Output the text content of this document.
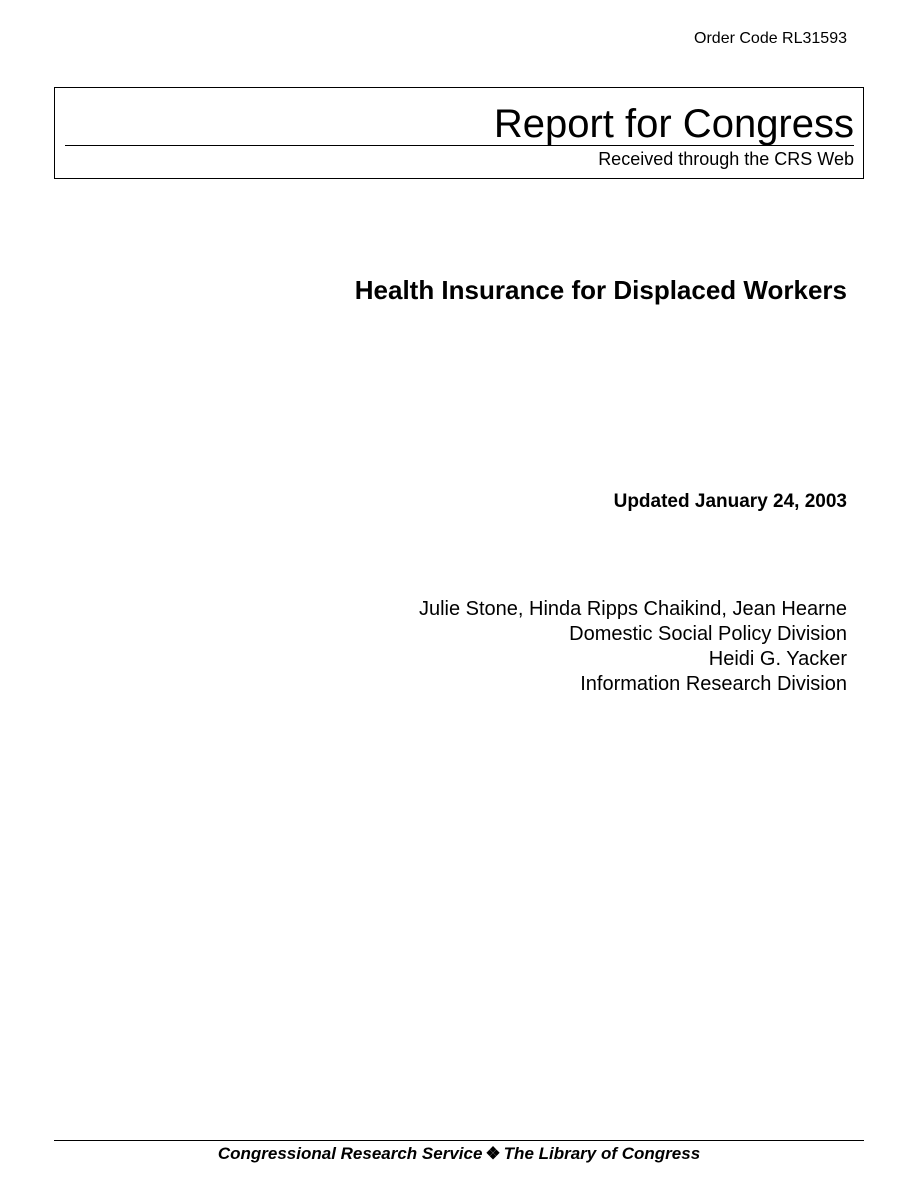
Order Code RL31593
Report for Congress
Received through the CRS Web
Health Insurance for Displaced Workers
Updated January 24, 2003
Julie Stone, Hinda Ripps Chaikind, Jean Hearne
Domestic Social Policy Division
Heidi G. Yacker
Information Research Division
Congressional Research Service ❖ The Library of Congress
